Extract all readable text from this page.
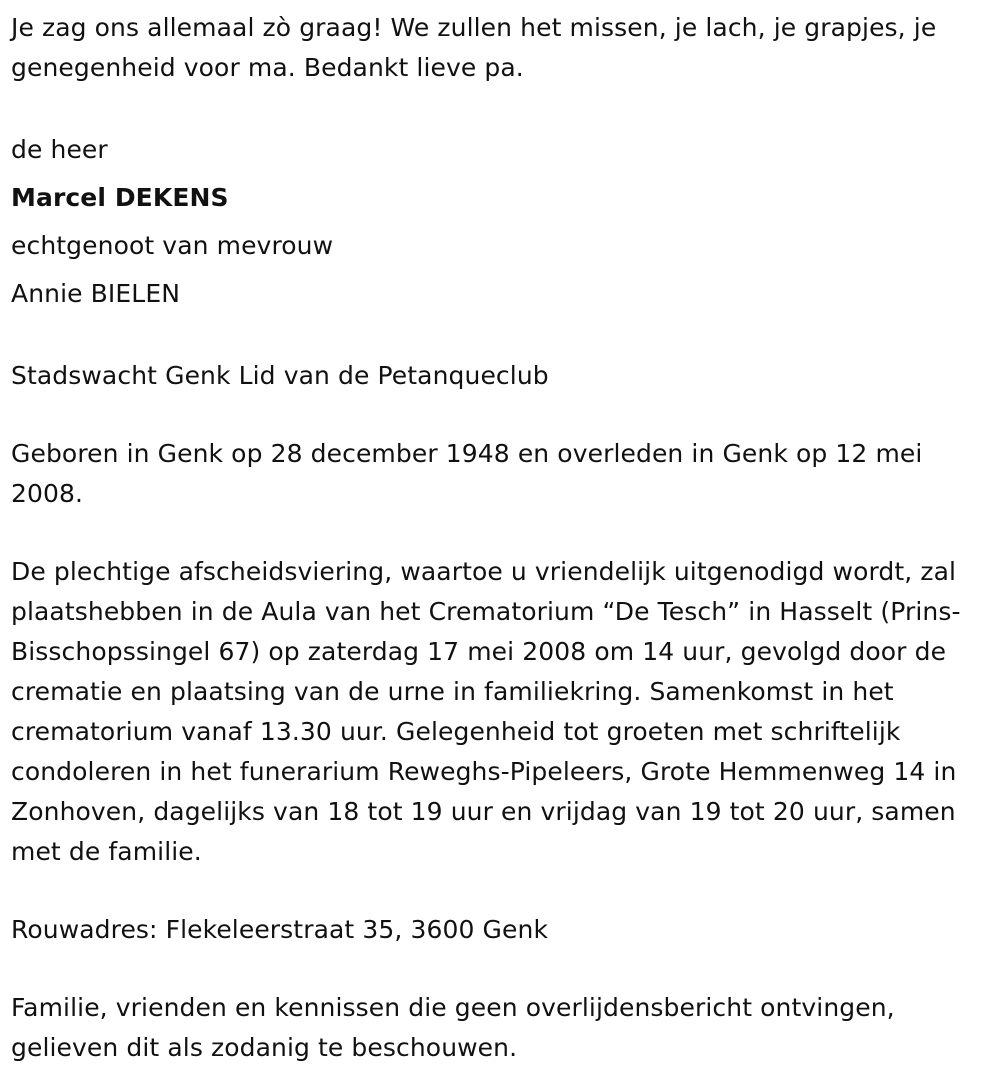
Je zag ons allemaal zò graag! We zullen het missen, je lach, je grapjes, je genegenheid voor ma. Bedankt lieve pa.

de heer
Marcel DEKENS
echtgenoot van mevrouw
Annie BIELEN

Stadswacht Genk Lid van de Petanqueclub

Geboren in Genk op 28 december 1948 en overleden in Genk op 12 mei 2008.

De plechtige afscheidsviering, waartoe u vriendelijk uitgenodigd wordt, zal plaatshebben in de Aula van het Crematorium “De Tesch” in Hasselt (Prins-Bisschopssingel 67) op zaterdag 17 mei 2008 om 14 uur, gevolgd door de crematie en plaatsing van de urne in familiekring. Samenkomst in het crematorium vanaf 13.30 uur. Gelegenheid tot groeten met schriftelijk condoleren in het funerarium Reweghs-Pipeleers, Grote Hemmenweg 14 in Zonhoven, dagelijks van 18 tot 19 uur en vrijdag van 19 tot 20 uur, samen met de familie.

Rouwadres: Flekeleerstraat 35, 3600 Genk

Familie, vrienden en kennissen die geen overlijdensbericht ontvingen, gelieven dit als zodanig te beschouwen.
